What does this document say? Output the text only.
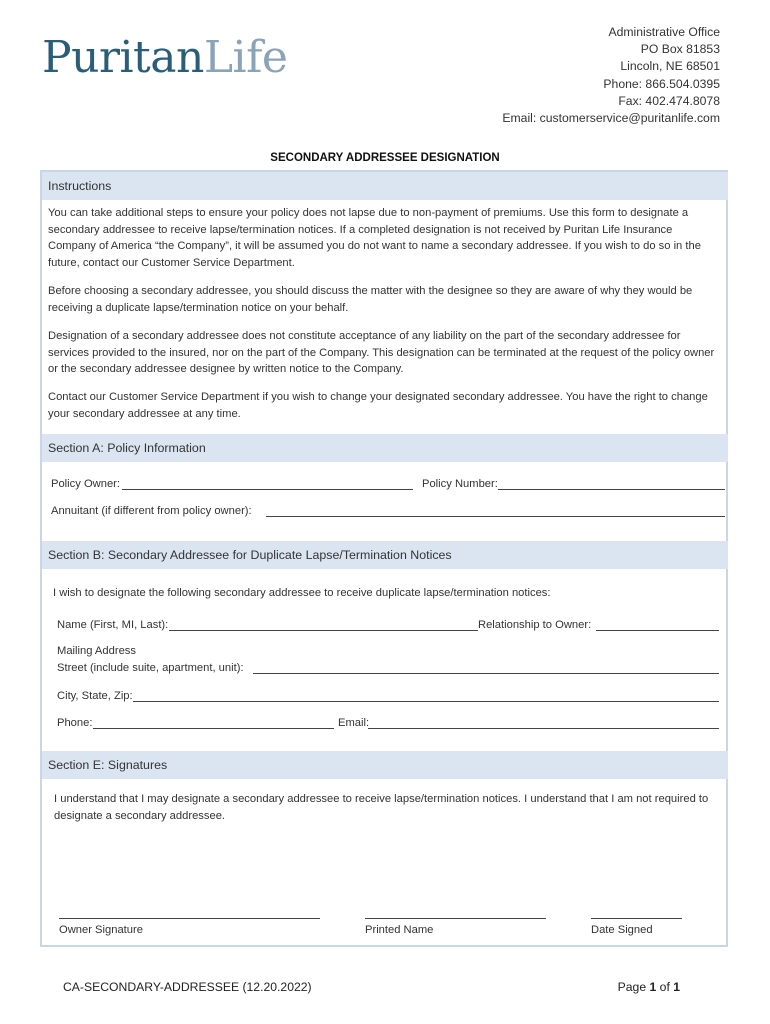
PuritanLife	Administrative Office
PO Box 81853
Lincoln, NE 68501
Phone: 866.504.0395
Fax: 402.474.8078
Email: customerservice@puritanlife.com
SECONDARY ADDRESSEE DESIGNATION
Instructions

You can take additional steps to ensure your policy does not lapse due to non-payment of premiums. Use this form to designate a secondary addressee to receive lapse/termination notices. If a completed designation is not received by Puritan Life Insurance Company of America “the Company”, it will be assumed you do not want to name a secondary addressee. If you wish to do so in the future, contact our Customer Service Department.

Before choosing a secondary addressee, you should discuss the matter with the designee so they are aware of why they would be receiving a duplicate lapse/termination notice on your behalf.

Designation of a secondary addressee does not constitute acceptance of any liability on the part of the secondary addressee for services provided to the insured, nor on the part of the Company. This designation can be terminated at the request of the policy owner or the secondary addressee designee by written notice to the Company.

Contact our Customer Service Department if you wish to change your designated secondary addressee. You have the right to change your secondary addressee at any time.

Section A: Policy Information
Policy Owner:	Policy Number:
Annuitant (if different from policy owner):
Section B: Secondary Addressee for Duplicate Lapse/Termination Notices
I wish to designate the following secondary addressee to receive duplicate lapse/termination notices:
Name (First, MI, Last):	Relationship to Owner:
Mailing Address
Street (include suite, apartment, unit):
City, State, Zip:
Phone:	Email:
Section E: Signatures

I understand that I may designate a secondary addressee to receive lapse/termination notices. I understand that I am not required to designate a secondary addressee.

Owner Signature	Printed Name	Date Signed
CA-SECONDARY-ADDRESSEE (12.20.2022)	Page 1 of 1
